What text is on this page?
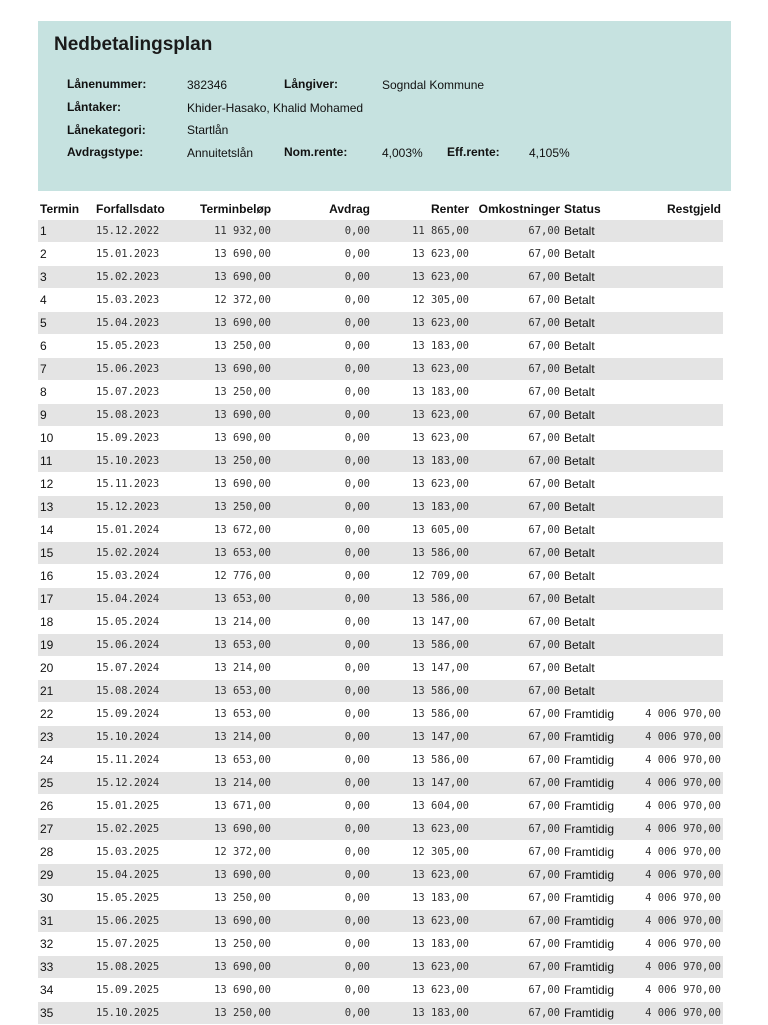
Nedbetalingsplan
Lånenummer:	382346	Långiver:	Sogndal Kommune
Låntaker:	Khider-Hasako, Khalid Mohamed
Lånekategori:	Startlån
Avdragstype:	Annuitetslån	Nom.rente:	4,003% Eff.rente: 4,105%
Termin	Forfallsdato	Terminbeløp	Avdrag	Renter	Omkostninger	Status	Restgjeld
1	15.12.2022	11 932,00	0,00	11 865,00	67,00	Betalt	
2	15.01.2023	13 690,00	0,00	13 623,00	67,00	Betalt	
3	15.02.2023	13 690,00	0,00	13 623,00	67,00	Betalt	
4	15.03.2023	12 372,00	0,00	12 305,00	67,00	Betalt	
5	15.04.2023	13 690,00	0,00	13 623,00	67,00	Betalt	
6	15.05.2023	13 250,00	0,00	13 183,00	67,00	Betalt	
7	15.06.2023	13 690,00	0,00	13 623,00	67,00	Betalt	
8	15.07.2023	13 250,00	0,00	13 183,00	67,00	Betalt	
9	15.08.2023	13 690,00	0,00	13 623,00	67,00	Betalt	
10	15.09.2023	13 690,00	0,00	13 623,00	67,00	Betalt	
11	15.10.2023	13 250,00	0,00	13 183,00	67,00	Betalt	
12	15.11.2023	13 690,00	0,00	13 623,00	67,00	Betalt	
13	15.12.2023	13 250,00	0,00	13 183,00	67,00	Betalt	
14	15.01.2024	13 672,00	0,00	13 605,00	67,00	Betalt	
15	15.02.2024	13 653,00	0,00	13 586,00	67,00	Betalt	
16	15.03.2024	12 776,00	0,00	12 709,00	67,00	Betalt	
17	15.04.2024	13 653,00	0,00	13 586,00	67,00	Betalt	
18	15.05.2024	13 214,00	0,00	13 147,00	67,00	Betalt	
19	15.06.2024	13 653,00	0,00	13 586,00	67,00	Betalt	
20	15.07.2024	13 214,00	0,00	13 147,00	67,00	Betalt	
21	15.08.2024	13 653,00	0,00	13 586,00	67,00	Betalt	
22	15.09.2024	13 653,00	0,00	13 586,00	67,00	Framtidig	4 006 970,00
23	15.10.2024	13 214,00	0,00	13 147,00	67,00	Framtidig	4 006 970,00
24	15.11.2024	13 653,00	0,00	13 586,00	67,00	Framtidig	4 006 970,00
25	15.12.2024	13 214,00	0,00	13 147,00	67,00	Framtidig	4 006 970,00
26	15.01.2025	13 671,00	0,00	13 604,00	67,00	Framtidig	4 006 970,00
27	15.02.2025	13 690,00	0,00	13 623,00	67,00	Framtidig	4 006 970,00
28	15.03.2025	12 372,00	0,00	12 305,00	67,00	Framtidig	4 006 970,00
29	15.04.2025	13 690,00	0,00	13 623,00	67,00	Framtidig	4 006 970,00
30	15.05.2025	13 250,00	0,00	13 183,00	67,00	Framtidig	4 006 970,00
31	15.06.2025	13 690,00	0,00	13 623,00	67,00	Framtidig	4 006 970,00
32	15.07.2025	13 250,00	0,00	13 183,00	67,00	Framtidig	4 006 970,00
33	15.08.2025	13 690,00	0,00	13 623,00	67,00	Framtidig	4 006 970,00
34	15.09.2025	13 690,00	0,00	13 623,00	67,00	Framtidig	4 006 970,00
35	15.10.2025	13 250,00	0,00	13 183,00	67,00	Framtidig	4 006 970,00
